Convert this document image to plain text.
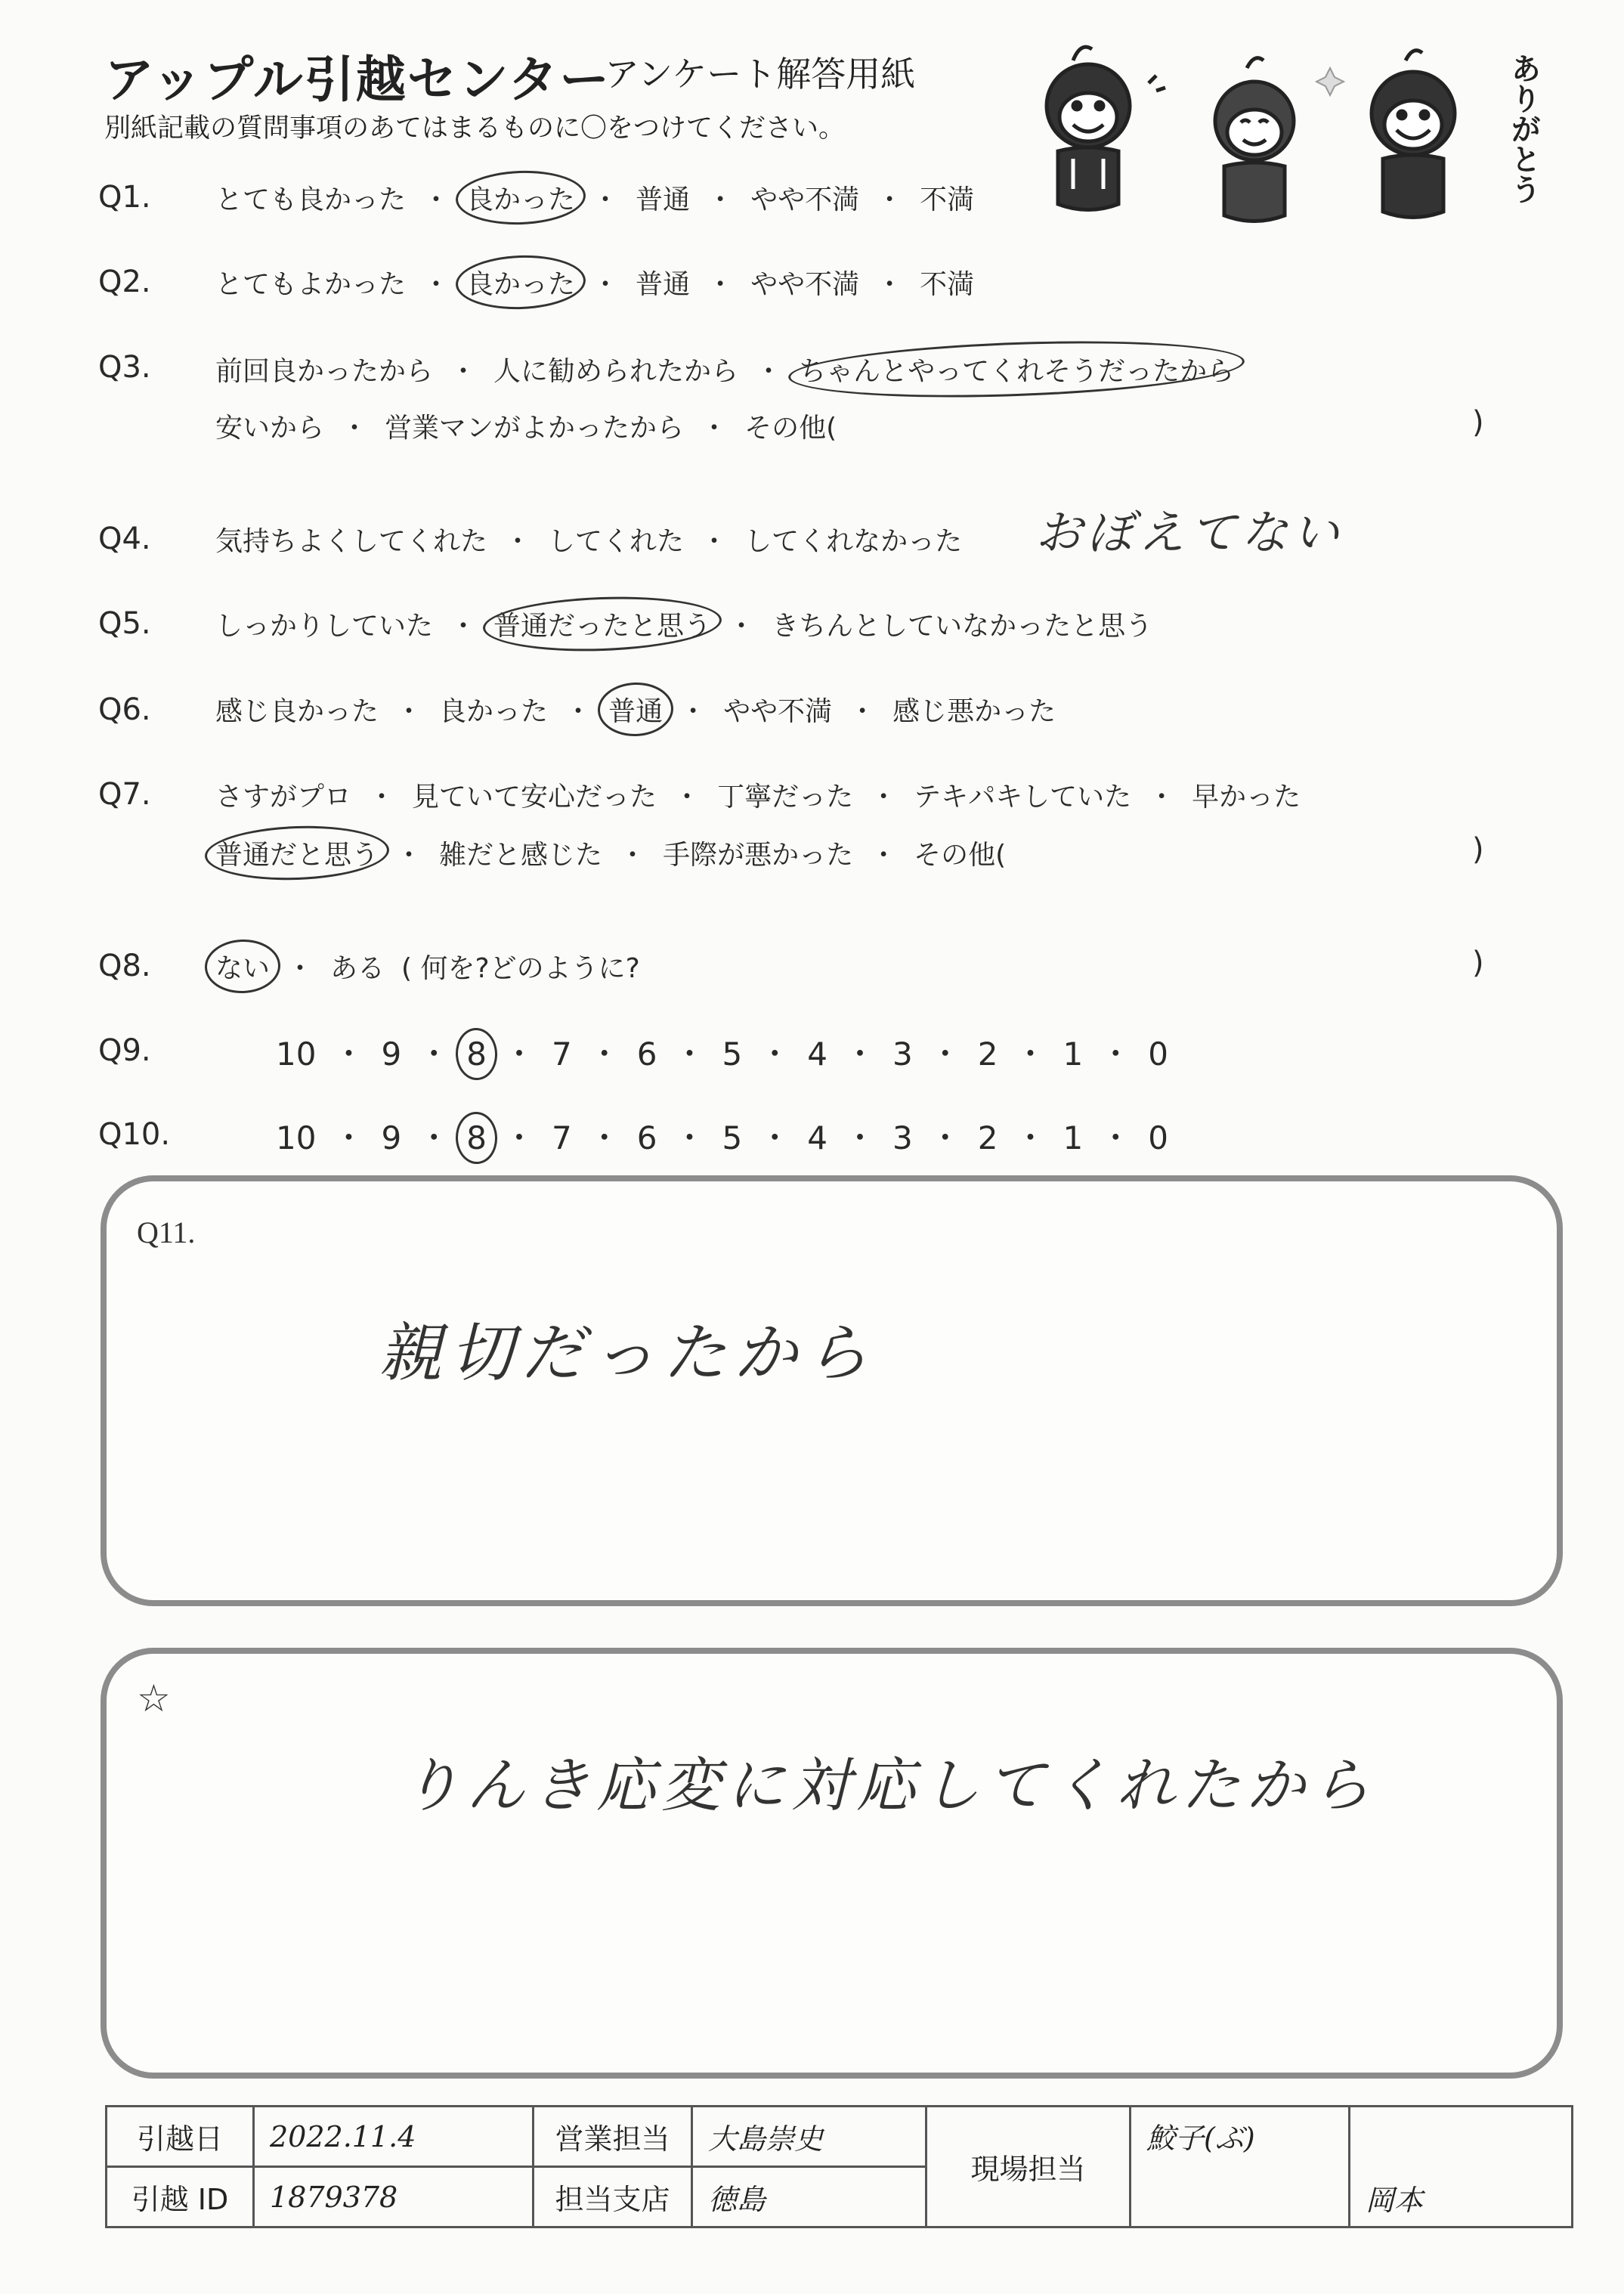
アップル引越センター
アンケート解答用紙
別紙記載の質問事項のあてはまるものに〇をつけてください。	ありがとう
Q1. とても良かった ・ 良かった ・ 普通 ・ やや不満 ・ 不満
Q2. とてもよかった ・ 良かった ・ 普通 ・ やや不満 ・ 不満
Q3. 前回良かったから ・ 人に勧められたから ・ ちゃんとやってくれそうだったから
安いから ・ 営業マンがよかったから ・ その他(	)
Q4. 気持ちよくしてくれた ・ してくれた ・ してくれなかった おぼえてない
Q5. しっかりしていた ・ 普通だったと思う ・ きちんとしていなかったと思う
Q6. 感じ良かった ・ 良かった ・ 普通 ・ やや不満 ・ 感じ悪かった
Q7. さすがプロ ・ 見ていて安心だった ・ 丁寧だった ・ テキパキしていた ・ 早かった
普通だと思う ・ 雑だと感じた ・ 手際が悪かった ・ その他(	)
Q8. ない ・ ある ( 何を?どのように?	)
Q9.	10 ・ 9 ・ 8 ・ 7 ・ 6 ・ 5 ・ 4 ・ 3 ・ 2 ・ 1 ・ 0
Q10.	10 ・ 9 ・ 8 ・ 7 ・ 6 ・ 5 ・ 4 ・ 3 ・ 2 ・ 1 ・ 0
Q11.
親切だったから
☆
りんき応変に対応してくれたから
引越日	2022.11.4	営業担当	大島崇史	現場担当	鮫子(ぶ)	岡本
引越 ID	1879378	担当支店	徳島			
